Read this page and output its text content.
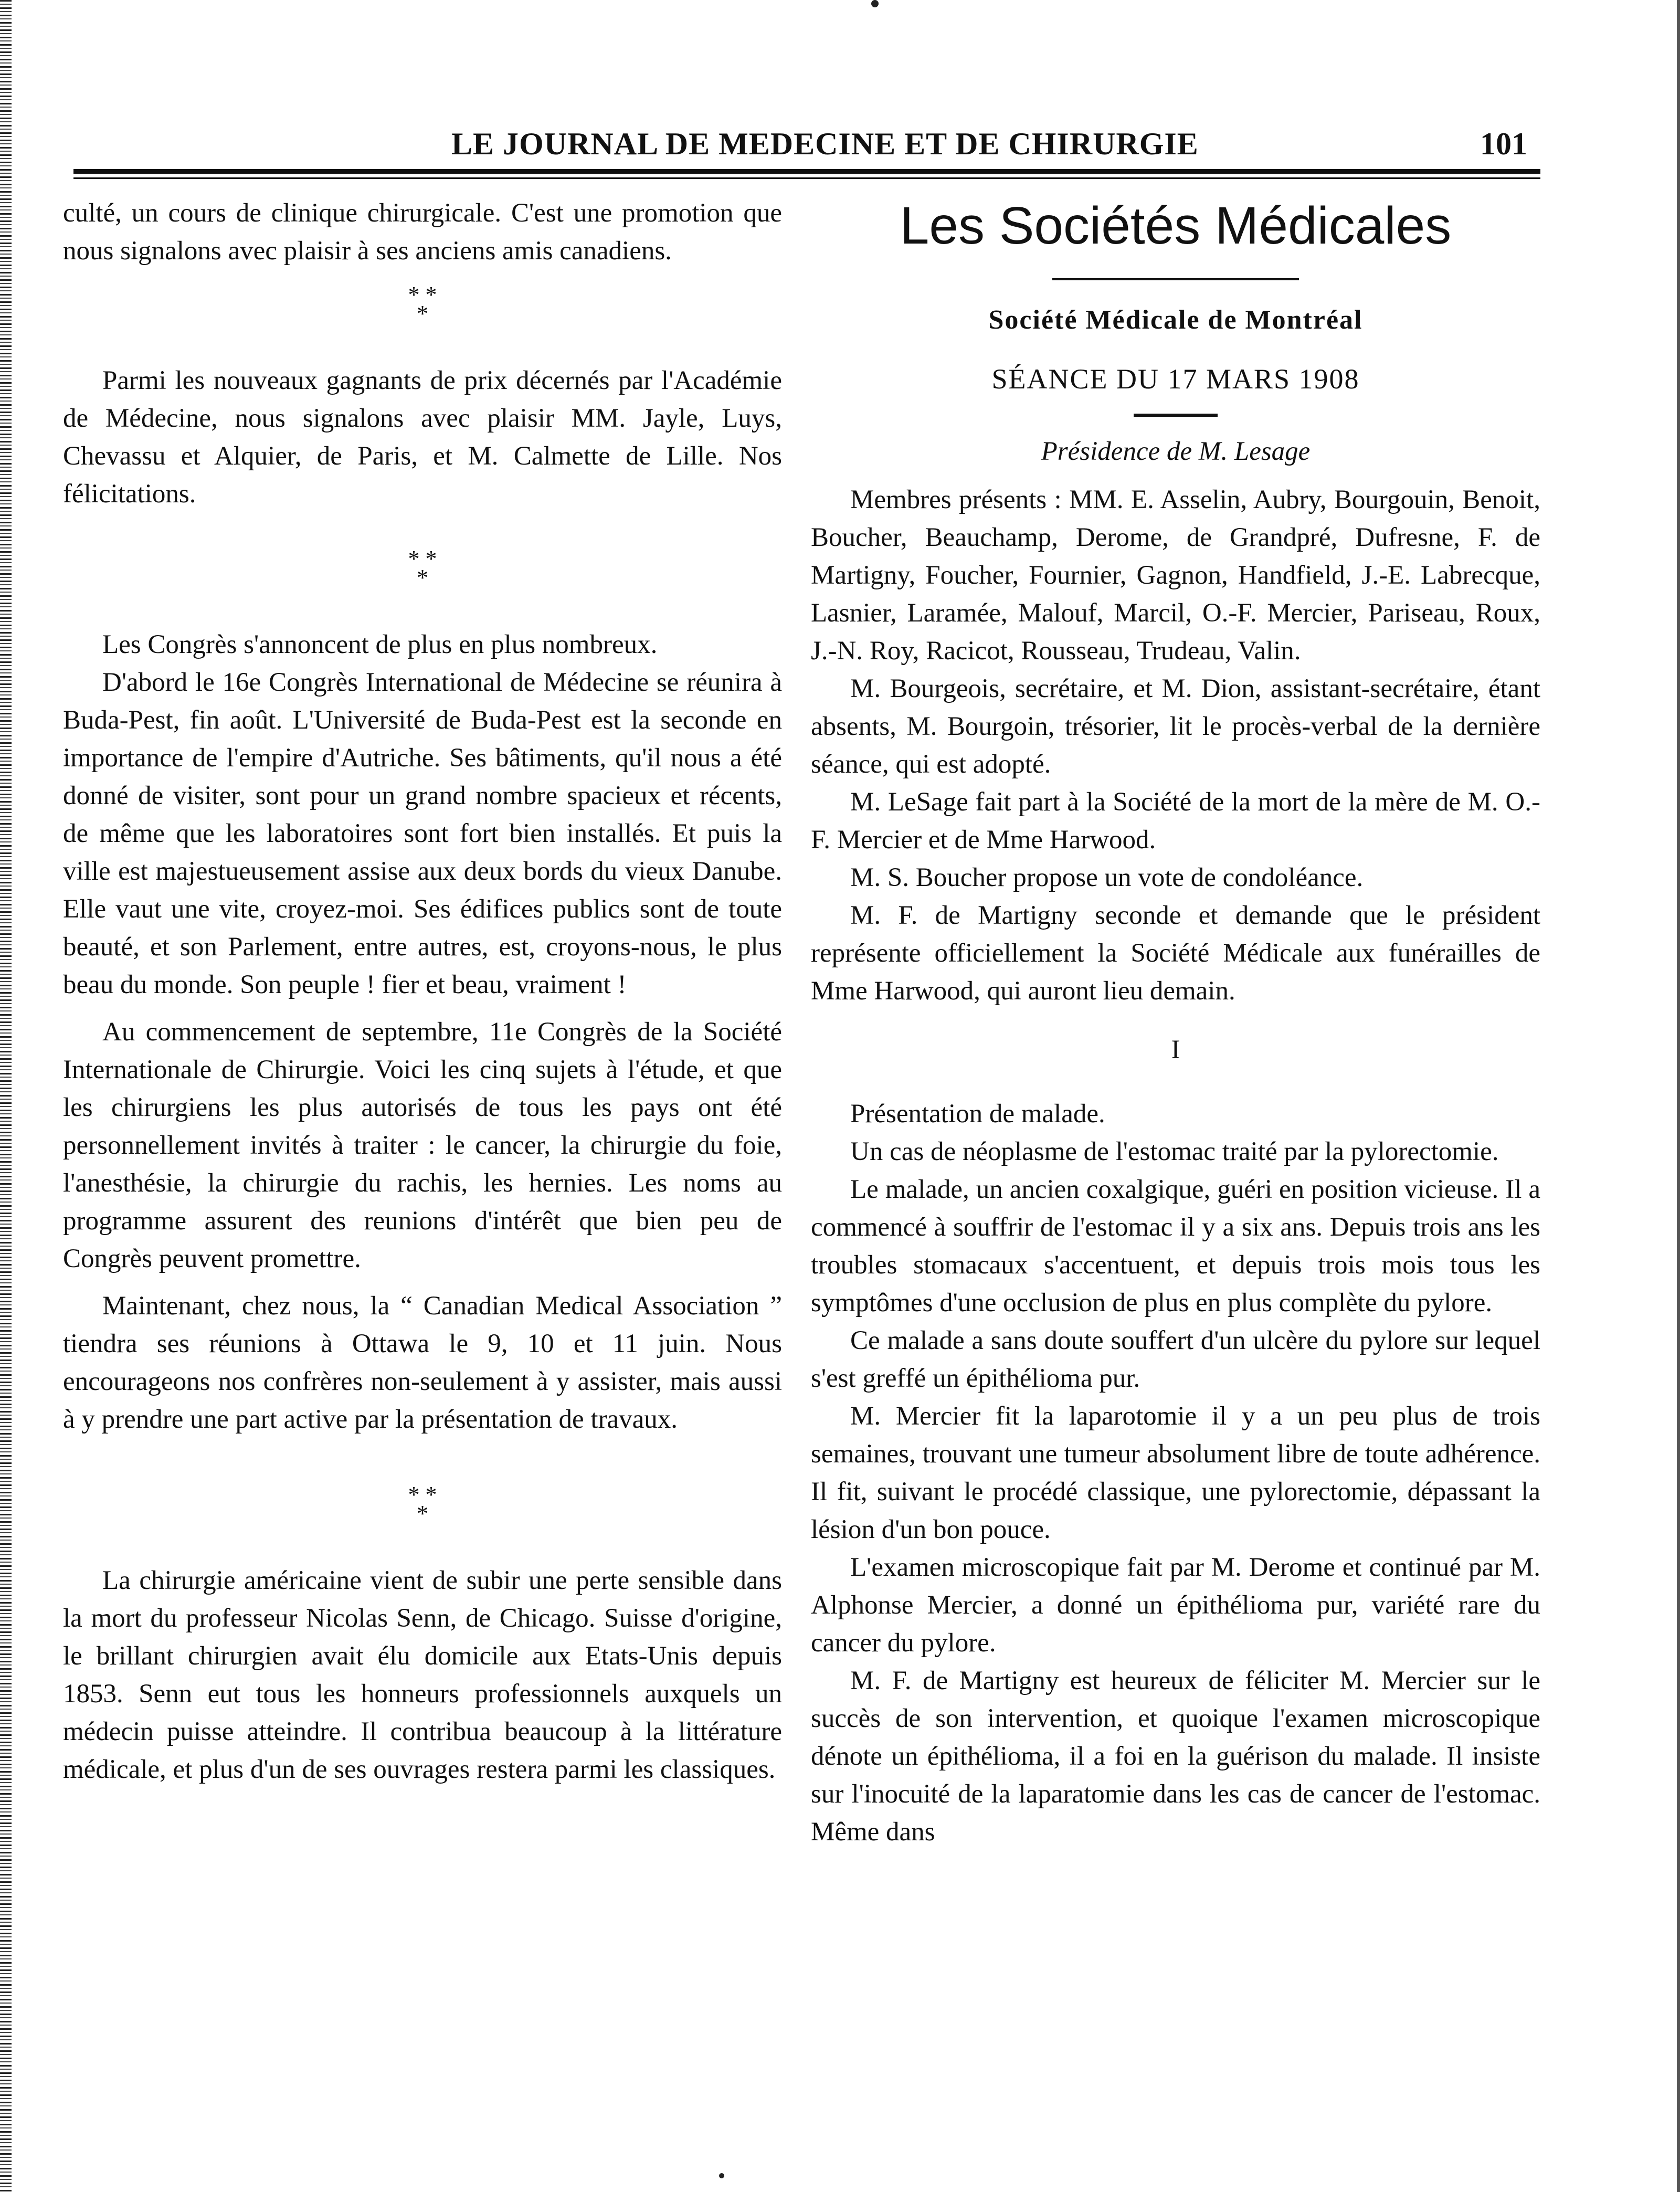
LE JOURNAL DE MEDECINE ET DE CHIRURGIE	101

culté, un cours de clinique chirurgicale. C'est une promotion que nous signalons avec plaisir à ses anciens amis canadiens.

* *
*

Parmi les nouveaux gagnants de prix décernés par l'Académie de Médecine, nous signalons avec plaisir MM. Jayle, Luys, Chevassu et Alquier, de Paris, et M. Calmette de Lille. Nos félicitations.

* *
*

Les Congrès s'annoncent de plus en plus nombreux.

D'abord le 16e Congrès International de Médecine se réunira à Buda-Pest, fin août. L'Université de Buda-Pest est la seconde en importance de l'empire d'Autriche. Ses bâtiments, qu'il nous a été donné de visiter, sont pour un grand nombre spacieux et récents, de même que les laboratoires sont fort bien installés. Et puis la ville est majestueusement assise aux deux bords du vieux Danube. Elle vaut une vite, croyez-moi. Ses édifices publics sont de toute beauté, et son Parlement, entre autres, est, croyons-nous, le plus beau du monde. Son peuple ! fier et beau, vraiment !

Au commencement de septembre, 11e Congrès de la Société Internationale de Chirurgie. Voici les cinq sujets à l'étude, et que les chirurgiens les plus autorisés de tous les pays ont été personnellement invités à traiter : le cancer, la chirurgie du foie, l'anesthésie, la chirurgie du rachis, les hernies. Les noms au programme assurent des reunions d'intérêt que bien peu de Congrès peuvent promettre.

Maintenant, chez nous, la “ Canadian Medical Association ” tiendra ses réunions à Ottawa le 9, 10 et 11 juin. Nous encourageons nos confrères non-seulement à y assister, mais aussi à y prendre une part active par la présentation de travaux.

* *
*

La chirurgie américaine vient de subir une perte sensible dans la mort du professeur Nicolas Senn, de Chicago. Suisse d'origine, le brillant chirurgien avait élu domicile aux Etats-Unis depuis 1853. Senn eut tous les honneurs professionnels auxquels un médecin puisse atteindre. Il contribua beaucoup à la littérature médicale, et plus d'un de ses ouvrages restera parmi les classiques.

Les Sociétés Médicales
Société Médicale de Montréal
SÉANCE DU 17 MARS 1908
Présidence de M. Lesage

Membres présents : MM. E. Asselin, Aubry, Bourgouin, Benoit, Boucher, Beauchamp, Derome, de Grandpré, Dufresne, F. de Martigny, Foucher, Fournier, Gagnon, Handfield, J.-E. Labrecque, Lasnier, Laramée, Malouf, Marcil, O.-F. Mercier, Pariseau, Roux, J.-N. Roy, Racicot, Rousseau, Trudeau, Valin.

M. Bourgeois, secrétaire, et M. Dion, assistant-secrétaire, étant absents, M. Bourgoin, trésorier, lit le procès-verbal de la dernière séance, qui est adopté.

M. LeSage fait part à la Société de la mort de la mère de M. O.-F. Mercier et de Mme Harwood.

M. S. Boucher propose un vote de condoléance.

M. F. de Martigny seconde et demande que le président représente officiellement la Société Médicale aux funérailles de Mme Harwood, qui auront lieu demain.

I

Présentation de malade.

Un cas de néoplasme de l'estomac traité par la pylorectomie.

Le malade, un ancien coxalgique, guéri en position vicieuse. Il a commencé à souffrir de l'estomac il y a six ans. Depuis trois ans les troubles stomacaux s'accentuent, et depuis trois mois tous les symptômes d'une occlusion de plus en plus complète du pylore.

Ce malade a sans doute souffert d'un ulcère du pylore sur lequel s'est greffé un épithélioma pur.

M. Mercier fit la laparotomie il y a un peu plus de trois semaines, trouvant une tumeur absolument libre de toute adhérence. Il fit, suivant le procédé classique, une pylorectomie, dépassant la lésion d'un bon pouce.

L'examen microscopique fait par M. Derome et continué par M. Alphonse Mercier, a donné un épithélioma pur, variété rare du cancer du pylore.

M. F. de Martigny est heureux de féliciter M. Mercier sur le succès de son intervention, et quoique l'examen microscopique dénote un épithélioma, il a foi en la guérison du malade. Il insiste sur l'inocuité de la laparatomie dans les cas de cancer de l'estomac. Même dans
